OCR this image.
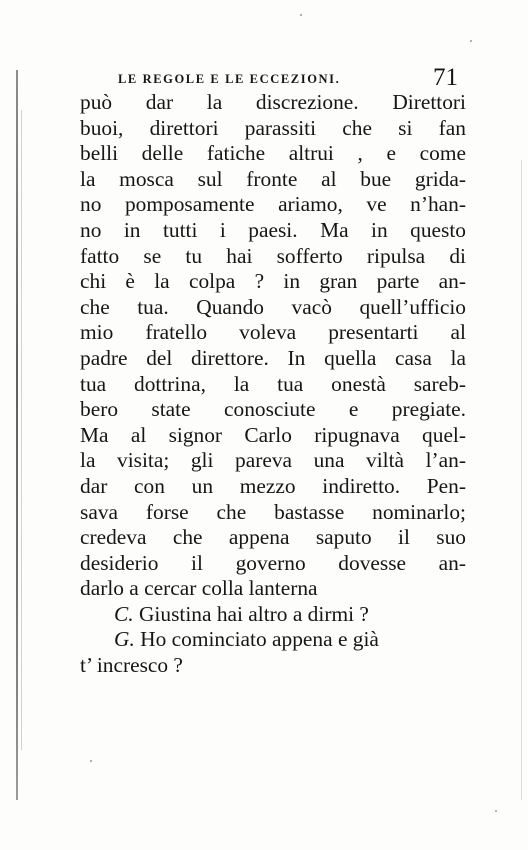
LE REGOLE E LE ECCEZIONI.	71
può dar la discrezione. Direttori
buoi, direttori parassiti che si fan
belli delle fatiche altrui , e come
la mosca sul fronte al bue grida-
no pomposamente ariamo, ve n’han-
no in tutti i paesi. Ma in questo
fatto se tu hai sofferto ripulsa di
chi è la colpa ? in gran parte an-
che tua. Quando vacò quell’ufficio
mio fratello voleva presentarti al
padre del direttore. In quella casa la
tua dottrina, la tua onestà sareb-
bero state conosciute e pregiate.
Ma al signor Carlo ripugnava quel-
la visita; gli pareva una viltà l’an-
dar con un mezzo indiretto. Pen-
sava forse che bastasse nominarlo;
credeva che appena saputo il suo
desiderio il governo dovesse an-
darlo a cercar colla lanterna
C. Giustina hai altro a dirmi ?
G. Ho cominciato appena e già
t’ incresco ?
